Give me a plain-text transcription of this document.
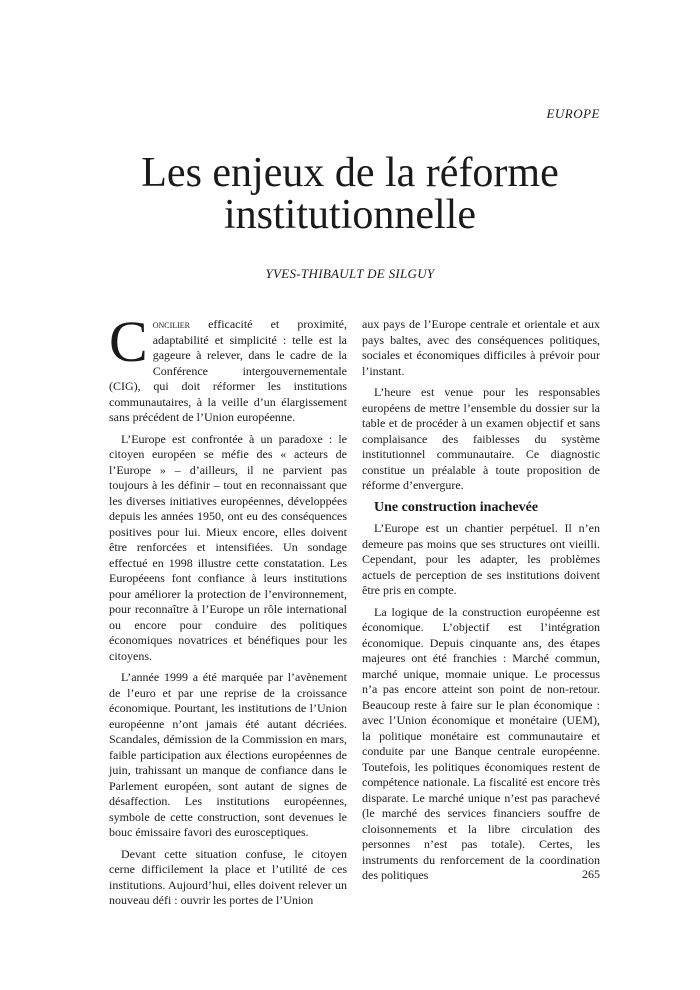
EUROPE
Les enjeux de la réforme
institutionnelle
YVES-THIBAULT DE SILGUY

Concilier efficacité et proximité, adaptabilité et simplicité : telle est la gageure à relever, dans le cadre de la Conférence intergouvernementale (CIG), qui doit réformer les institutions communautaires, à la veille d’un élargissement sans précédent de l’Union européenne.

L’Europe est confrontée à un paradoxe : le citoyen européen se méfie des « acteurs de l’Europe » – d’ailleurs, il ne parvient pas toujours à les définir – tout en reconnaissant que les diverses initiatives européennes, développées depuis les années 1950, ont eu des conséquences positives pour lui. Mieux encore, elles doivent être renforcées et intensifiées. Un sondage effectué en 1998 illustre cette constatation. Les Européeens font confiance à leurs institutions pour améliorer la protection de l’environnement, pour reconnaître à l’Europe un rôle international ou encore pour conduire des politiques économiques novatrices et bénéfiques pour les citoyens.

L’année 1999 a été marquée par l’avènement de l’euro et par une reprise de la croissance économique. Pourtant, les institutions de l’Union européenne n’ont jamais été autant décriées. Scandales, démission de la Commission en mars, faible participation aux élections européennes de juin, trahissant un manque de confiance dans le Parlement européen, sont autant de signes de désaffection. Les institutions européennes, symbole de cette construction, sont devenues le bouc émissaire favori des eurosceptiques.

Devant cette situation confuse, le citoyen cerne difficilement la place et l’utilité de ces institutions. Aujourd’hui, elles doivent relever un nouveau défi : ouvrir les portes de l’Union

aux pays de l’Europe centrale et orientale et aux pays baltes, avec des conséquences politiques, sociales et économiques difficiles à prévoir pour l’instant.

L’heure est venue pour les responsables européens de mettre l’ensemble du dossier sur la table et de procéder à un examen objectif et sans complaisance des faiblesses du système institutionnel communautaire. Ce diagnostic constitue un préalable à toute proposition de réforme d’envergure.

Une construction inachevée

L’Europe est un chantier perpétuel. Il n’en demeure pas moins que ses structures ont vieilli. Cependant, pour les adapter, les problèmes actuels de perception de ses institutions doivent être pris en compte.

La logique de la construction européenne est économique. L’objectif est l’intégration économique. Depuis cinquante ans, des étapes majeures ont été franchies : Marché commun, marché unique, monnaie unique. Le processus n’a pas encore atteint son point de non-retour. Beaucoup reste à faire sur le plan économique : avec l’Union économique et monétaire (UEM), la politique monétaire est communautaire et conduite par une Banque centrale européenne. Toutefois, les politiques économiques restent de compétence nationale. La fiscalité est encore très disparate. Le marché unique n’est pas parachevé (le marché des services financiers souffre de cloisonnements et la libre circulation des personnes n’est pas totale). Certes, les instruments du renforcement de la coordination des politiques	265
